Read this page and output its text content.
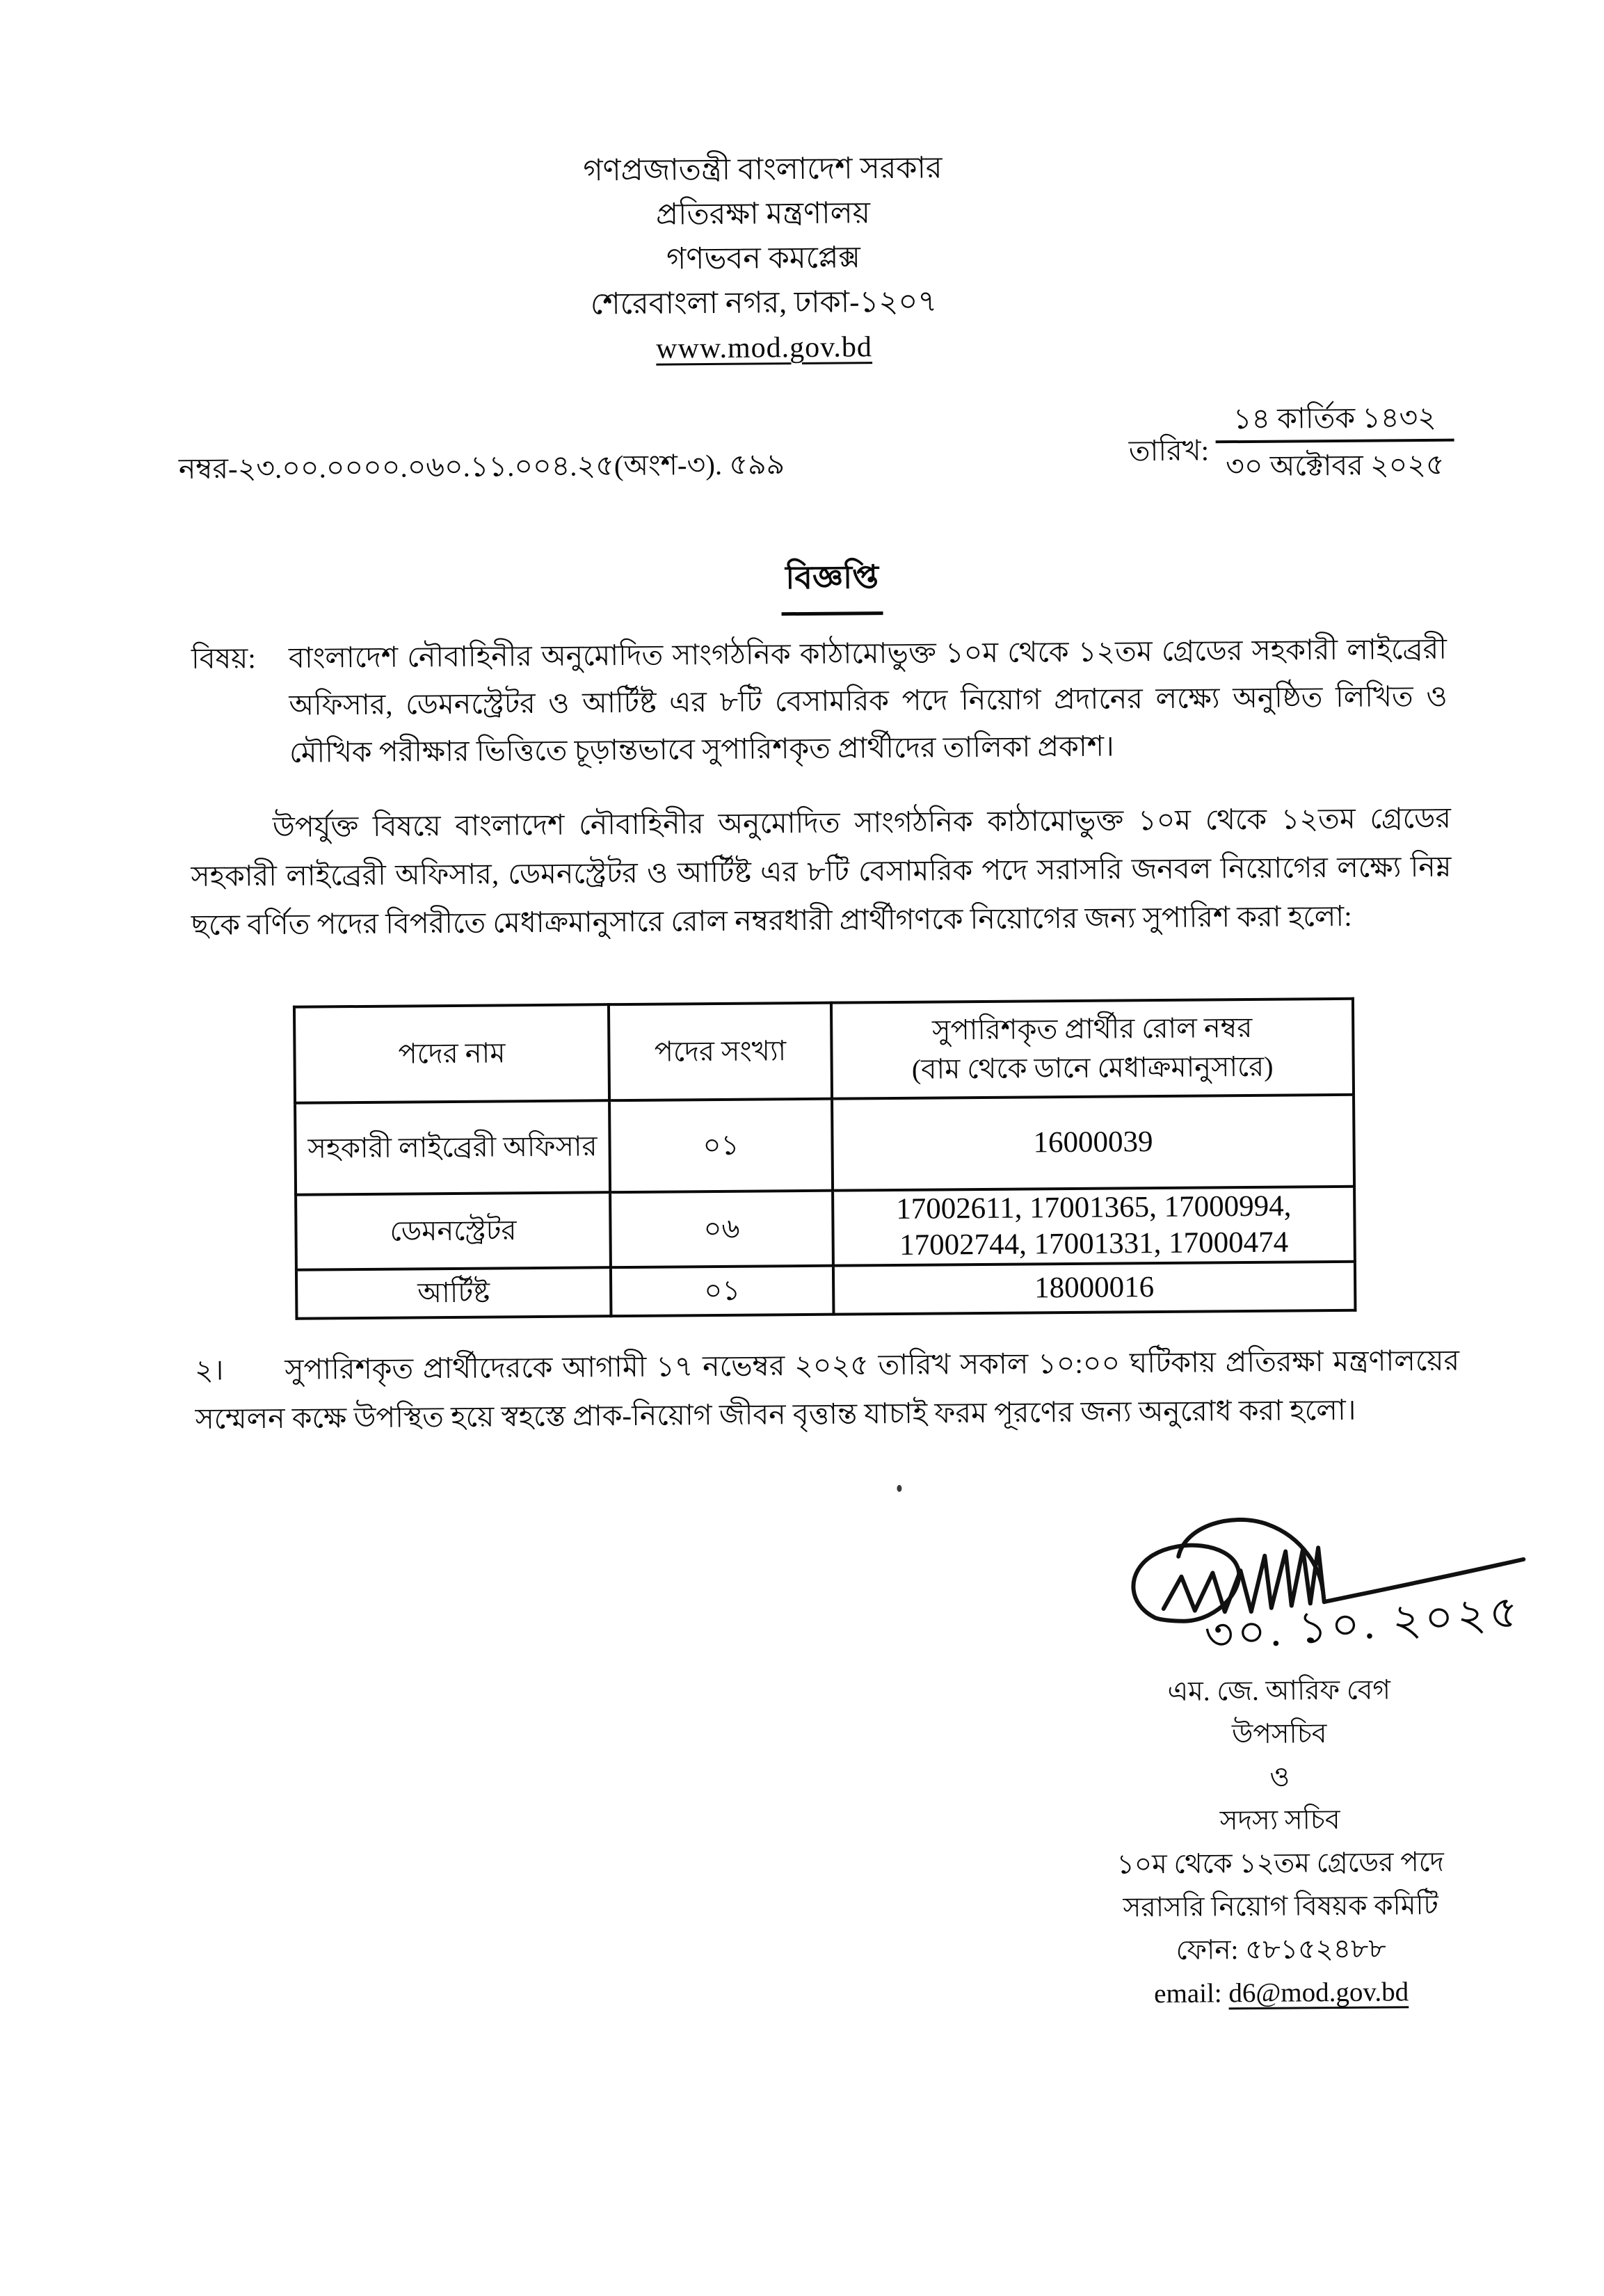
গণপ্রজাতন্ত্রী বাংলাদেশ সরকার
প্রতিরক্ষা মন্ত্রণালয়
গণভবন কমপ্লেক্স
শেরেবাংলা নগর, ঢাকা-১২০৭
www.mod.gov.bd
নম্বর-২৩.০০.০০০০.০৬০.১১.০০৪.২৫(অংশ-৩). ৫৯৯	তারিখ:
১৪ কার্তিক ১৪৩২
৩০ অক্টোবর ২০২৫
বিজ্ঞপ্তি
বিষয়:	বাংলাদেশ নৌবাহিনীর অনুমোদিত সাংগঠনিক কাঠামোভুক্ত ১০ম থেকে ১২তম গ্রেডের সহকারী লাইব্রেরী অফিসার, ডেমনস্ট্রেটর ও আর্টিষ্ট এর ৮টি বেসামরিক পদে নিয়োগ প্রদানের লক্ষ্যে অনুষ্ঠিত লিখিত ও মৌখিক পরীক্ষার ভিত্তিতে চূড়ান্তভাবে সুপারিশকৃত প্রার্থীদের তালিকা প্রকাশ।

উপর্যুক্ত বিষয়ে বাংলাদেশ নৌবাহিনীর অনুমোদিত সাংগঠনিক কাঠামোভুক্ত ১০ম থেকে ১২তম গ্রেডের সহকারী লাইব্রেরী অফিসার, ডেমনস্ট্রেটর ও আর্টিষ্ট এর ৮টি বেসামরিক পদে সরাসরি জনবল নিয়োগের লক্ষ্যে নিম্ন ছকে বর্ণিত পদের বিপরীতে মেধাক্রমানুসারে রোল নম্বরধারী প্রার্থীগণকে নিয়োগের জন্য সুপারিশ করা হলো:

পদের নাম	পদের সংখ্যা	সুপারিশকৃত প্রার্থীর রোল নম্বর
(বাম থেকে ডানে মেধাক্রমানুসারে)

সহকারী লাইব্রেরী অফিসার	০১	16000039
ডেমনস্ট্রেটর	০৬	17002611, 17001365, 17000994, 17002744, 17001331, 17000474
আর্টিষ্ট	০১	18000016

২। সুপারিশকৃত প্রার্থীদেরকে আগামী ১৭ নভেম্বর ২০২৫ তারিখ সকাল ১০:০০ ঘটিকায় প্রতিরক্ষা মন্ত্রণালয়ের সম্মেলন কক্ষে উপস্থিত হয়ে স্বহস্তে প্রাক-নিয়োগ জীবন বৃত্তান্ত যাচাই ফরম পূরণের জন্য অনুরোধ করা হলো।

৩০. ১০. ২০২৫
এম. জে. আরিফ বেগ
উপসচিব
ও
সদস্য সচিব
১০ম থেকে ১২তম গ্রেডের পদে
সরাসরি নিয়োগ বিষয়ক কমিটি
ফোন: ৫৮১৫২৪৮৮
email: d6@mod.gov.bd
